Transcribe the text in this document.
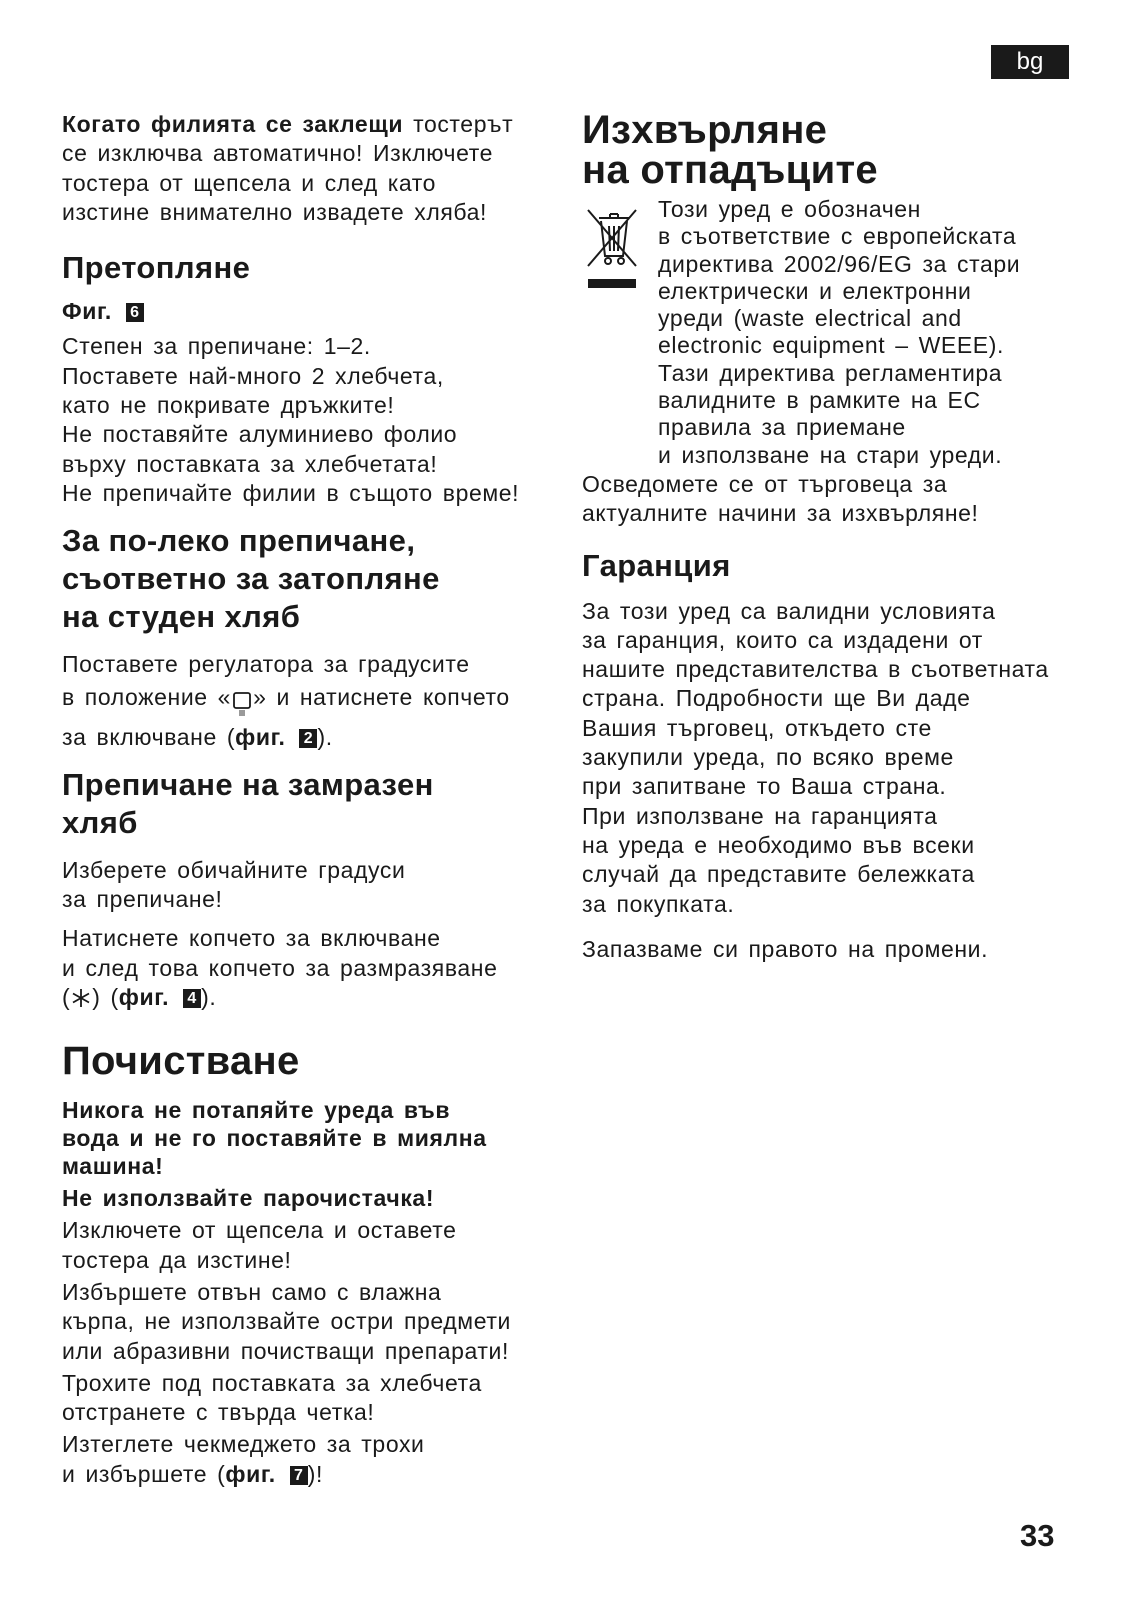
bg

Когато филията се заклещи тостерът

се изключва автоматично! Изключете

тостера от щепсела и след като

изстине внимателно извадете хляба!

Претопляне

Фиг. 6

Степен за препичане: 1–2.

Поставете най-много 2 хлебчета,

като не покривате дръжките!

Не поставяйте алуминиево фолио

върху поставката за хлебчетата!

Не препичайте филии в същото време!

За по-леко препичане,
съответно за затопляне
на студен хляб

Поставете регулатора за градусите

в положение « » и натиснете копчето

за включване (фиг. 2 ).

Препичане на замразен
хляб

Изберете обичайните градуси

за препичане!

Натиснете копчето за включване

и след това копчето за размразяване

( ) (фиг. 4 ).

Почистване

Никога не потапяйте уреда във

вода и не го поставяйте в миялна

машина!

Не използвайте парочистачка!

Изключете от щепсела и оставете

тостера да изстине!

Избършете отвън само с влажна

кърпа, не използвайте остри предмети

или абразивни почистващи препарати!

Трохите под поставката за хлебчета

отстранете с твърда четка!

Изтеглете чекмеджето за трохи

и избършете (фиг. 7 )!

Изхвърляне
на отпадъците

Този уред е обозначен

в съответствие с европейската

директива 2002/96/EG за стари

електрически и електронни

уреди (waste electrical and

electronic equipment – WEEE).

Тази директива регламентира

валидните в рамките на ЕС

правила за приемане

и използване на стари уреди.

Осведомете се от търговеца за

актуалните начини за изхвърляне!

Гаранция

За този уред са валидни условията

за гаранция, които са издадени от

нашите представителства в съответната

страна. Подробности ще Ви даде

Вашия търговец, откъдето сте

закупили уреда, по всяко време

при запитване то Ваша страна.

При използване на гаранцията

на уреда е необходимо във всеки

случай да представите бележката

за покупката.

Запазваме си правото на промени.

33
